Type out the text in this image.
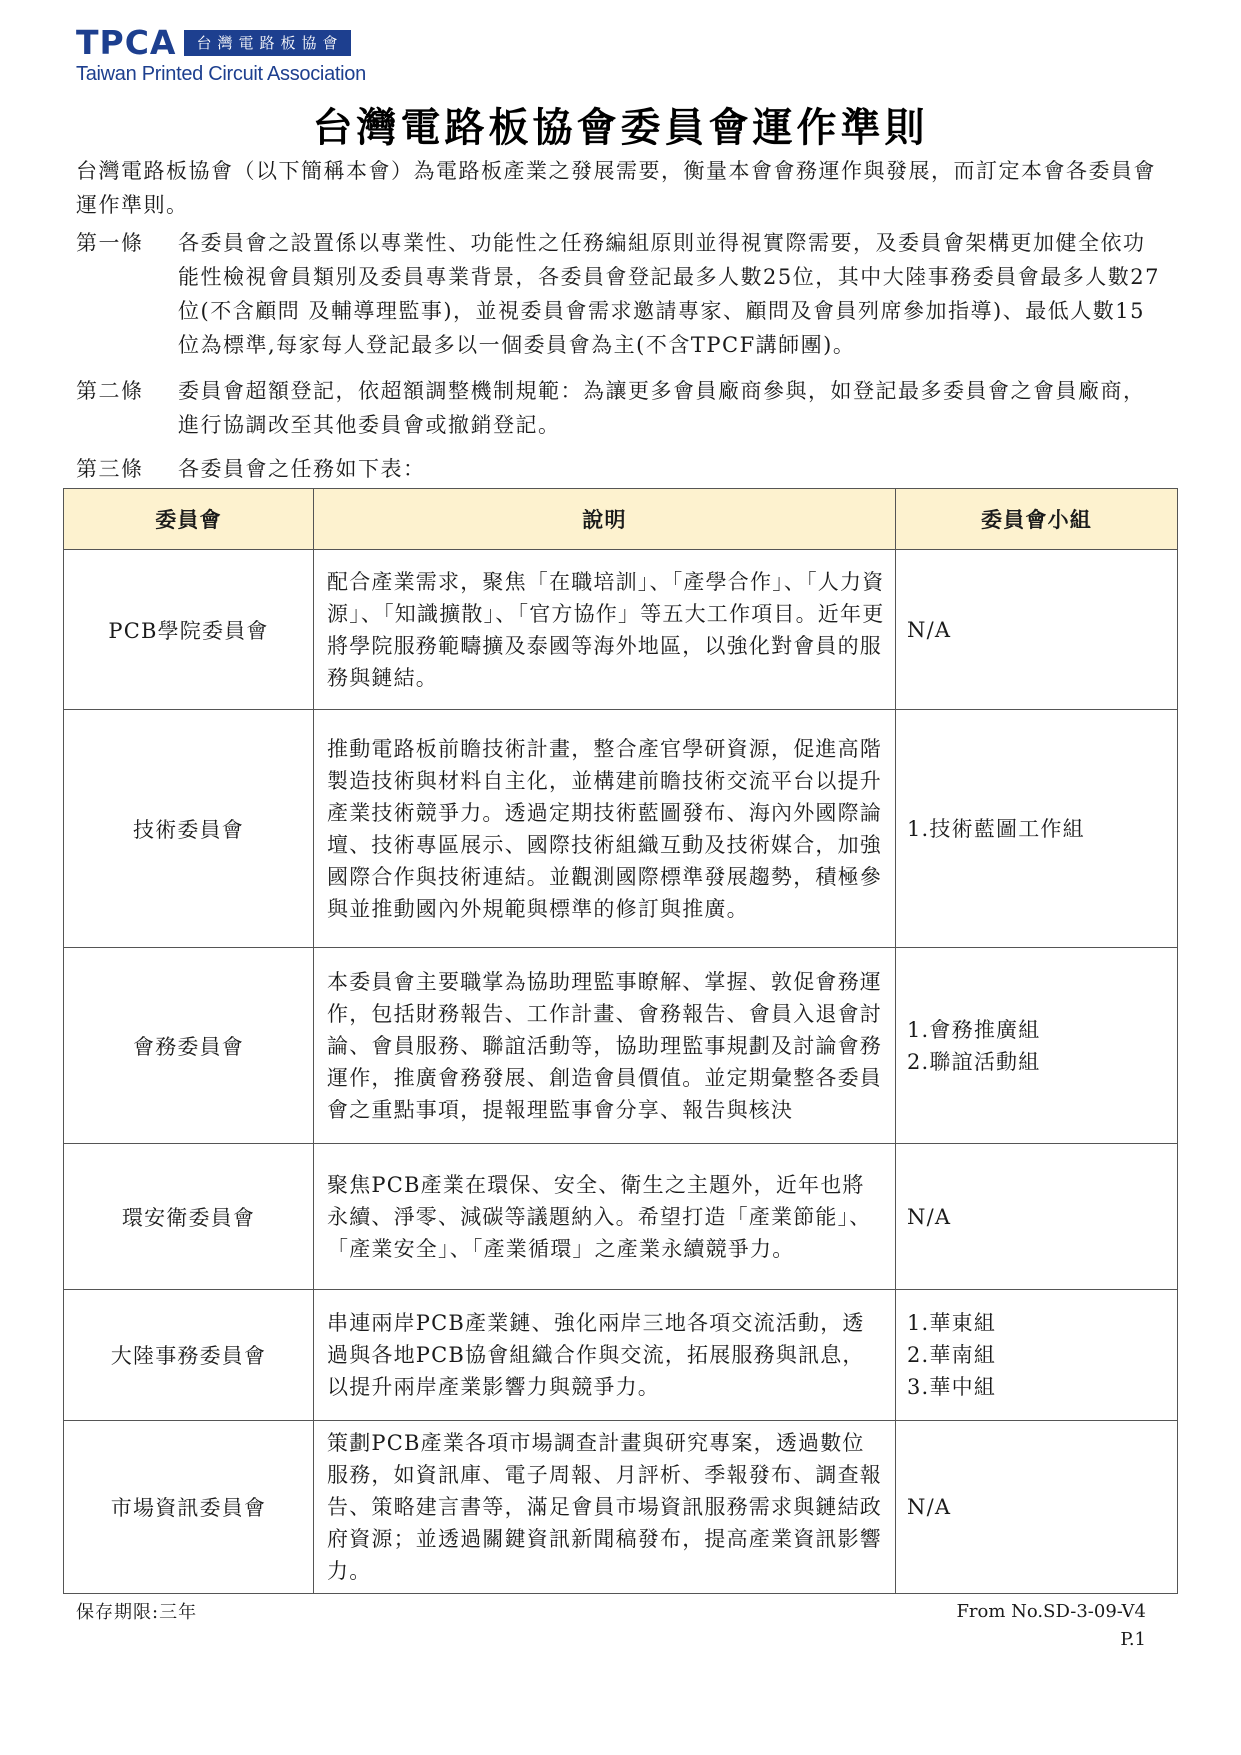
TPCA	台灣電路板協會
Taiwan Printed Circuit Association
台灣電路板協會委員會運作準則
台灣電路板協會（以下簡稱本會）為電路板產業之發展需要，衡量本會會務運作與發展，而訂定本會各委員會運作準則。
第一條	各委員會之設置係以專業性、功能性之任務編組原則並得視實際需要，及委員會架構更加健全依功能性檢視會員類別及委員專業背景，各委員會登記最多人數25位，其中大陸事務委員會最多人數27位(不含顧問 及輔導理監事)，並視委員會需求邀請專家、顧問及會員列席參加指導)、最低人數15位為標準,每家每人登記最多以一個委員會為主(不含TPCF講師團)。
第二條	委員會超額登記，依超額調整機制規範：為讓更多會員廠商參與，如登記最多委員會之會員廠商，進行協調改至其他委員會或撤銷登記。
第三條	各委員會之任務如下表：
委員會	說明	委員會小組
PCB學院委員會	配合產業需求，聚焦「在職培訓」、「產學合作」、「人力資源」、「知識擴散」、「官方協作」等五大工作項目。近年更將學院服務範疇擴及泰國等海外地區，以強化對會員的服務與鏈結。	N/A

技術委員會	推動電路板前瞻技術計畫，整合產官學研資源，促進高階製造技術與材料自主化，並構建前瞻技術交流平台以提升產業技術競爭力。透過定期技術藍圖發布、海內外國際論壇、技術專區展示、國際技術組織互動及技術媒合，加強國際合作與技術連結。並觀測國際標準發展趨勢，積極參與並推動國內外規範與標準的修訂與推廣。	1.技術藍圖工作組

會務委員會	本委員會主要職掌為協助理監事瞭解、掌握、敦促會務運作，包括財務報告、工作計畫、會務報告、會員入退會討論、會員服務、聯誼活動等，協助理監事規劃及討論會務運作，推廣會務發展、創造會員價值。並定期彙整各委員會之重點事項，提報理監事會分享、報告與核決	1.會務推廣組
2.聯誼活動組

環安衛委員會	聚焦PCB產業在環保、安全、衛生之主題外，近年也將永續、淨零、減碳等議題納入。希望打造「產業節能」、「產業安全」、「產業循環」之產業永續競爭力。	N/A

大陸事務委員會	串連兩岸PCB產業鏈、強化兩岸三地各項交流活動，透過與各地PCB協會組織合作與交流，拓展服務與訊息，以提升兩岸產業影響力與競爭力。	1.華東組
2.華南組
3.華中組

市場資訊委員會	策劃PCB產業各項市場調查計畫與研究專案，透過數位服務，如資訊庫、電子周報、月評析、季報發布、調查報告、策略建言書等，滿足會員市場資訊服務需求與鏈結政府資源；並透過關鍵資訊新聞稿發布，提高產業資訊影響力。	N/A
保存期限:三年	From No.SD-3-09-V4
P.1
